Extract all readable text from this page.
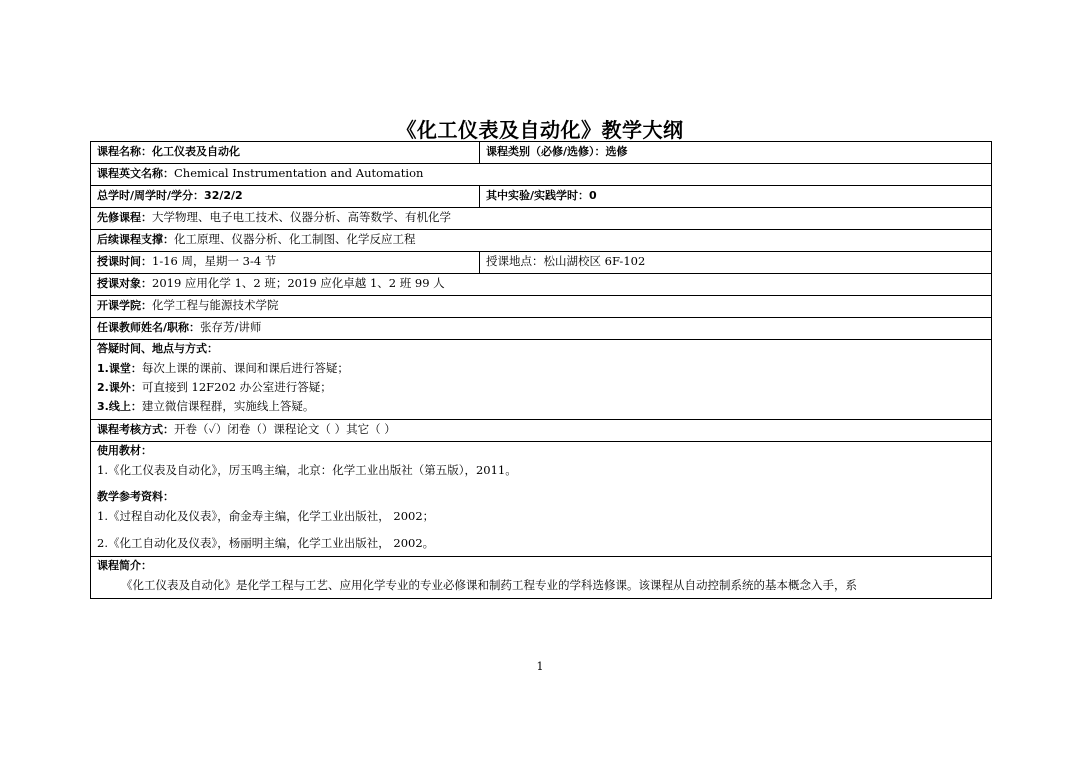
《化工仪表及自动化》教学大纲
课程名称：化工仪表及自动化	课程类别（必修/选修）：选修
课程英文名称：Chemical Instrumentation and Automation	
总学时/周学时/学分：32/2/2	其中实验/实践学时：0
先修课程：大学物理、电子电工技术、仪器分析、高等数学、有机化学	
后续课程支撑：化工原理、仪器分析、化工制图、化学反应工程	
授课时间：1-16 周，星期一 3-4 节	授课地点：松山湖校区 6F-102
授课对象：2019 应用化学 1、2 班；2019 应化卓越 1、2 班 99 人	
开课学院：化学工程与能源技术学院	
任课教师姓名/职称：张存芳/讲师	

答疑时间、地点与方式：
1.课堂：每次上课的课前、课间和课后进行答疑；
2.课外：可直接到 12F202 办公室进行答疑；
3.线上：建立微信课程群，实施线上答疑。	

课程考核方式：开卷（✓）闭卷（）课程论文（ ）其它（ ）	

使用教材：
1.《化工仪表及自动化》，厉玉鸣主编，北京：化学工业出版社（第五版），2011。
教学参考资料：
1.《过程自动化及仪表》，俞金寿主编，化学工业出版社， 2002；
2.《化工自动化及仪表》，杨丽明主编，化学工业出版社， 2002。	

课程简介：
《化工仪表及自动化》是化学工程与工艺、应用化学专业的专业必修课和制药工程专业的学科选修课。该课程从自动控制系统的基本概念入手，系	
1
